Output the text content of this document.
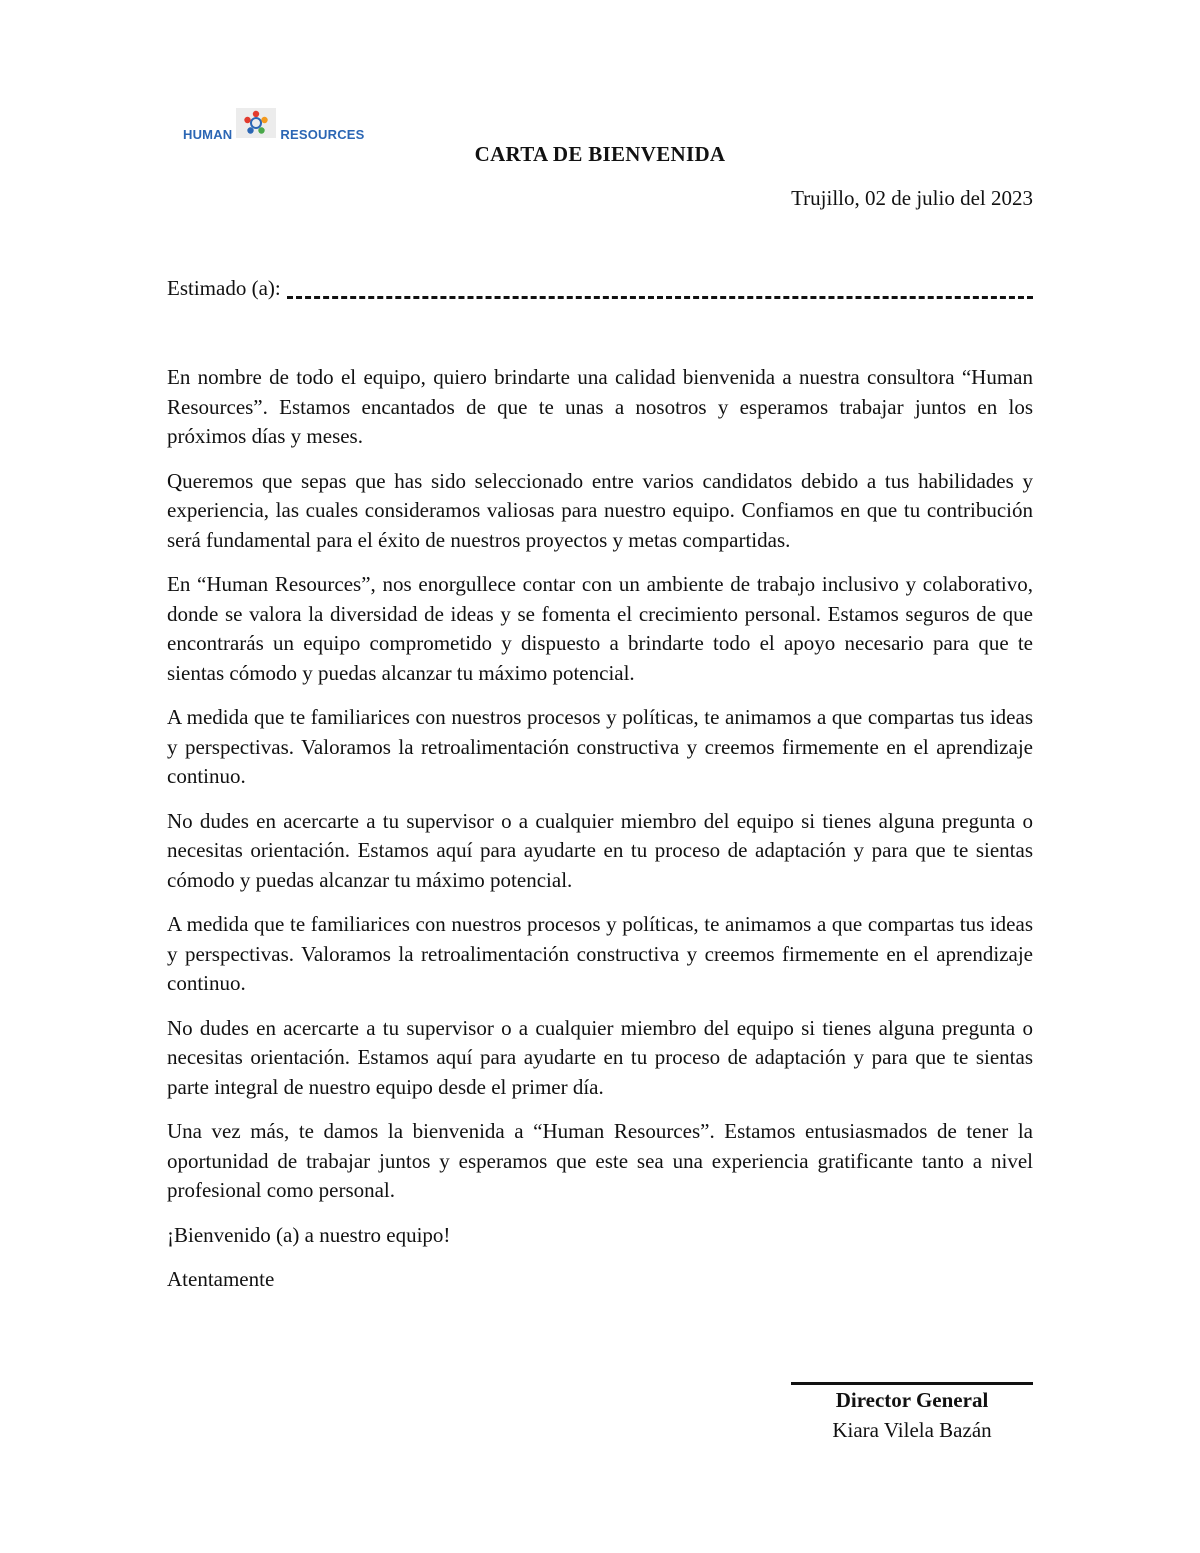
HUMAN	RESOURCES
CARTA DE BIENVENIDA
Trujillo, 02 de julio del 2023
Estimado (a):

En nombre de todo el equipo, quiero brindarte una calidad bienvenida a nuestra consultora “Human Resources”. Estamos encantados de que te unas a nosotros y esperamos trabajar juntos en los próximos días y meses.

Queremos que sepas que has sido seleccionado entre varios candidatos debido a tus habilidades y experiencia, las cuales consideramos valiosas para nuestro equipo. Confiamos en que tu contribución será fundamental para el éxito de nuestros proyectos y metas compartidas.

En “Human Resources”, nos enorgullece contar con un ambiente de trabajo inclusivo y colaborativo, donde se valora la diversidad de ideas y se fomenta el crecimiento personal. Estamos seguros de que encontrarás un equipo comprometido y dispuesto a brindarte todo el apoyo necesario para que te sientas cómodo y puedas alcanzar tu máximo potencial.

A medida que te familiarices con nuestros procesos y políticas, te animamos a que compartas tus ideas y perspectivas. Valoramos la retroalimentación constructiva y creemos firmemente en el aprendizaje continuo.

No dudes en acercarte a tu supervisor o a cualquier miembro del equipo si tienes alguna pregunta o necesitas orientación. Estamos aquí para ayudarte en tu proceso de adaptación y para que te sientas cómodo y puedas alcanzar tu máximo potencial.

A medida que te familiarices con nuestros procesos y políticas, te animamos a que compartas tus ideas y perspectivas. Valoramos la retroalimentación constructiva y creemos firmemente en el aprendizaje continuo.

No dudes en acercarte a tu supervisor o a cualquier miembro del equipo si tienes alguna pregunta o necesitas orientación. Estamos aquí para ayudarte en tu proceso de adaptación y para que te sientas parte integral de nuestro equipo desde el primer día.

Una vez más, te damos la bienvenida a “Human Resources”. Estamos entusiasmados de tener la oportunidad de trabajar juntos y esperamos que este sea una experiencia gratificante tanto a nivel profesional como personal.

¡Bienvenido (a) a nuestro equipo!

Atentamente

Director General
Kiara Vilela Bazán
